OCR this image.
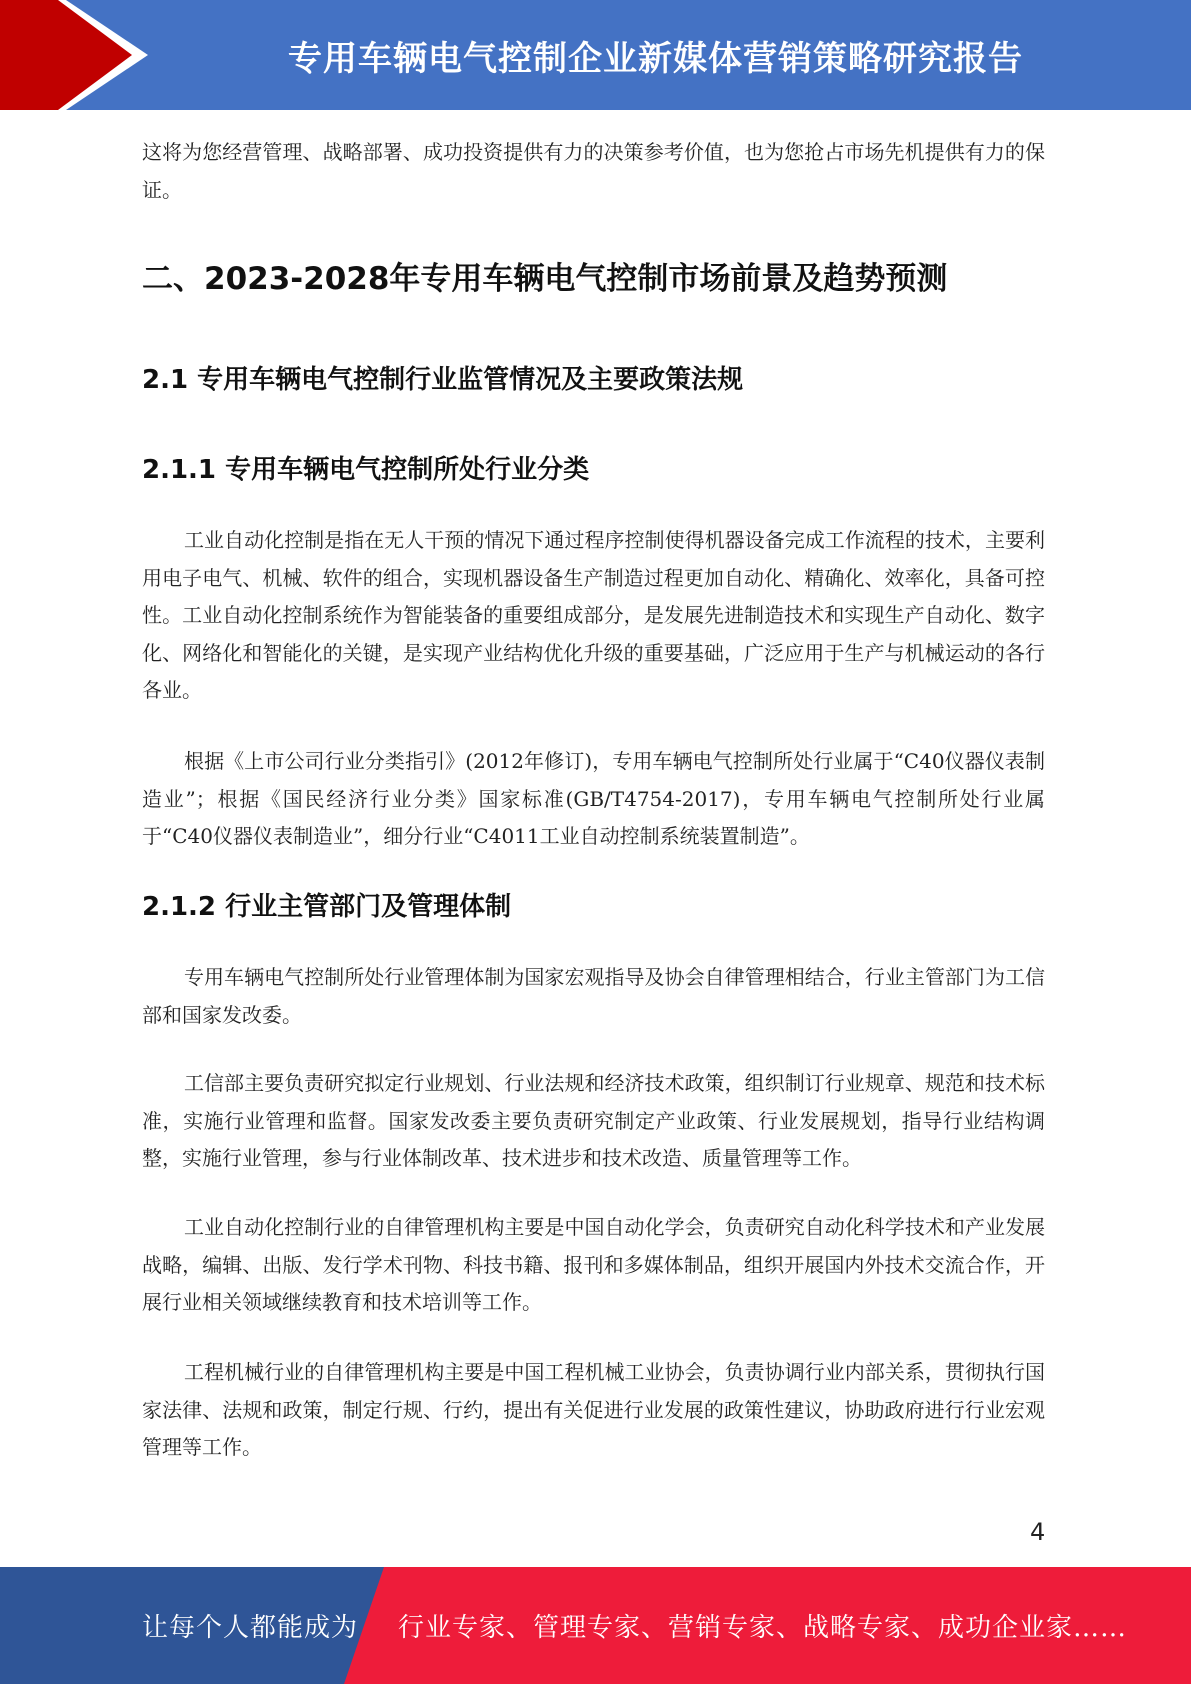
专用车辆电气控制企业新媒体营销策略研究报告

这将为您经营管理、战略部署、成功投资提供有力的决策参考价值，也为您抢占市场先机提供有力的保证。

二、2023-2028年专用车辆电气控制市场前景及趋势预测
2.1 专用车辆电气控制行业监管情况及主要政策法规
2.1.1 专用车辆电气控制所处行业分类

工业自动化控制是指在无人干预的情况下通过程序控制使得机器设备完成工作流程的技术，主要利用电子电气、机械、软件的组合，实现机器设备生产制造过程更加自动化、精确化、效率化，具备可控性。工业自动化控制系统作为智能装备的重要组成部分，是发展先进制造技术和实现生产自动化、数字化、网络化和智能化的关键，是实现产业结构优化升级的重要基础，广泛应用于生产与机械运动的各行各业。

根据《上市公司行业分类指引》(2012年修订)，专用车辆电气控制所处行业属于“C40仪器仪表制造业”；根据《国民经济行业分类》国家标准(GB/T4754-2017)，专用车辆电气控制所处行业属于“C40仪器仪表制造业”，细分行业“C4011工业自动控制系统装置制造”。

2.1.2 行业主管部门及管理体制

专用车辆电气控制所处行业管理体制为国家宏观指导及协会自律管理相结合，行业主管部门为工信部和国家发改委。

工信部主要负责研究拟定行业规划、行业法规和经济技术政策，组织制订行业规章、规范和技术标准，实施行业管理和监督。国家发改委主要负责研究制定产业政策、行业发展规划，指导行业结构调整，实施行业管理，参与行业体制改革、技术进步和技术改造、质量管理等工作。

工业自动化控制行业的自律管理机构主要是中国自动化学会，负责研究自动化科学技术和产业发展战略，编辑、出版、发行学术刊物、科技书籍、报刊和多媒体制品，组织开展国内外技术交流合作，开展行业相关领域继续教育和技术培训等工作。

工程机械行业的自律管理机构主要是中国工程机械工业协会，负责协调行业内部关系，贯彻执行国家法律、法规和政策，制定行规、行约，提出有关促进行业发展的政策性建议，协助政府进行行业宏观管理等工作。

4
让每个人都能成为 行业专家、管理专家、营销专家、战略专家、成功企业家……
